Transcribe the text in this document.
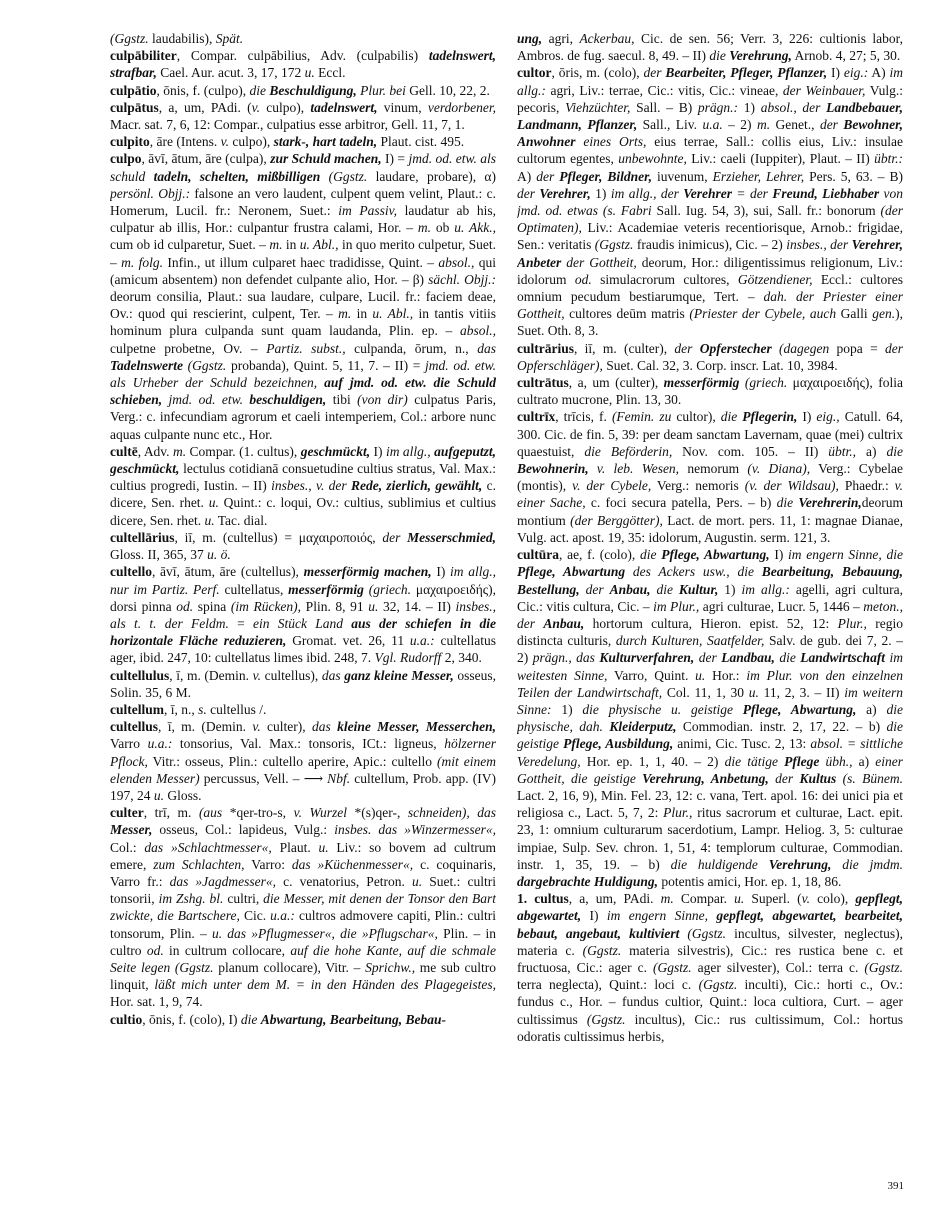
(Ggstz. laudabilis), Spät.

culpābiliter, Compar. culpābilius, Adv. (culpabilis) tadelnswert, strafbar, Cael. Aur. acut. 3, 17, 172 u. Eccl.

culpātio, ōnis, f. (culpo), die Beschuldigung, Plur. bei Gell. 10, 22, 2.

culpātus, a, um, PAdi. (v. culpo), tadelnswert, vinum, verdorbener, Macr. sat. 7, 6, 12: Compar., culpatius esse arbitror, Gell. 11, 7, 1.

culpito, āre (Intens. v. culpo), stark-, hart tadeln, Plaut. cist. 495.

culpo, āvī, ātum, āre (culpa), zur Schuld machen, I) = jmd. od. etw. als schuld tadeln, schelten, mißbilligen (Ggstz. laudare, probare), α) persönl. Objj.: falsone an vero laudent, culpent quem velint, Plaut.: c. Homerum, Lucil. fr.: Neronem, Suet.: im Passiv, laudatur ab his, culpatur ab illis, Hor.: culpantur frustra calami, Hor. – m. ob u. Akk., cum ob id culparetur, Suet. – m. in u. Abl., in quo merito culpetur, Suet. – m. folg. Infin., ut illum culparet haec tradidisse, Quint. – absol., qui (amicum absentem) non defendet culpante alio, Hor. – β) sächl. Objj.: deorum consilia, Plaut.: sua laudare, culpare, Lucil. fr.: faciem deae, Ov.: quod qui rescierint, culpent, Ter. – m. in u. Abl., in tantis vitiis hominum plura culpanda sunt quam laudanda, Plin. ep. – absol., culpetne probetne, Ov. – Partiz. subst., culpanda, ōrum, n., das Tadelnswerte (Ggstz. probanda), Quint. 5, 11, 7. – II) = jmd. od. etw. als Urheber der Schuld bezeichnen, auf jmd. od. etw. die Schuld schieben, jmd. od. etw. beschuldigen, tibi (von dir) culpatus Paris, Verg.: c. infecundiam agrorum et caeli intemperiem, Col.: arbore nunc aquas culpante nunc etc., Hor.

cultē, Adv. m. Compar. (1. cultus), geschmückt, I) im allg., aufgeputzt, geschmückt, lectulus cotidianā consuetudine cultius stratus, Val. Max.: cultius progredi, Iustin. – II) insbes., v. der Rede, zierlich, gewählt, c. dicere, Sen. rhet. u. Quint.: c. loqui, Ov.: cultius, sublimius et cultius dicere, Sen. rhet. u. Tac. dial.

cultellārius, iī, m. (cultellus) = μαχαιροποιός, der Messerschmied, Gloss. II, 365, 37 u. ö.

cultello, āvī, ātum, āre (cultellus), messerförmig machen, I) im allg., nur im Partiz. Perf. cultellatus, messerförmig (griech. μαχαιροειδής), dorsi pinna od. spina (im Rücken), Plin. 8, 91 u. 32, 14. – II) insbes., als t. t. der Feldm. = ein Stück Land aus der schiefen in die horizontale Fläche reduzieren, Gromat. vet. 26, 11 u.a.: cultellatus ager, ibid. 247, 10: cultellatus limes ibid. 248, 7. Vgl. Rudorff 2, 340.

cultellulus, ī, m. (Demin. v. cultellus), das ganz kleine Messer, osseus, Solin. 35, 6 M.

cultellum, ī, n., s. cultellus /.

cultellus, ī, m. (Demin. v. culter), das kleine Messer, Messerchen, Varro u.a.: tonsorius, Val. Max.: tonsoris, ICt.: ligneus, hölzerner Pflock, Vitr.: osseus, Plin.: cultello aperire, Apic.: cultello (mit einem elenden Messer) percussus, Vell. – ⟶ Nbf. cultellum, Prob. app. (IV) 197, 24 u. Gloss.

culter, trī, m. (aus *qer-tro-s, v. Wurzel *(s)qer-, schneiden), das Messer, osseus, Col.: lapideus, Vulg.: insbes. das »Winzermesser«, Col.: das »Schlachtmesser«, Plaut. u. Liv.: so bovem ad cultrum emere, zum Schlachten, Varro: das »Küchenmesser«, c. coquinaris, Varro fr.: das »Jagdmesser«, c. venatorius, Petron. u. Suet.: cultri tonsorii, im Zshg. bl. cultri, die Messer, mit denen der Tonsor den Bart zwickte, die Bartschere, Cic. u.a.: cultros admovere capiti, Plin.: cultri tonsorum, Plin. – u. das »Pflugmesser«, die »Pflugschar«, Plin. – in cultro od. in cultrum collocare, auf die hohe Kante, auf die schmale Seite legen (Ggstz. planum collocare), Vitr. – Sprichw., me sub cultro linquit, läßt mich unter dem M. = in den Händen des Plagegeistes, Hor. sat. 1, 9, 74.

cultio, ōnis, f. (colo), I) die Abwartung, Bearbeitung, Bebau-

ung, agri, Ackerbau, Cic. de sen. 56; Verr. 3, 226: cultionis labor, Ambros. de fug. saecul. 8, 49. – II) die Verehrung, Arnob. 4, 27; 5, 30.

cultor, ōris, m. (colo), der Bearbeiter, Pfleger, Pflanzer, I) eig.: A) im allg.: agri, Liv.: terrae, Cic.: vitis, Cic.: vineae, der Weinbauer, Vulg.: pecoris, Viehzüchter, Sall. – B) prägn.: 1) absol., der Landbebauer, Landmann, Pflanzer, Sall., Liv. u.a. – 2) m. Genet., der Bewohner, Anwohner eines Orts, eius terrae, Sall.: collis eius, Liv.: insulae cultorum egentes, unbewohnte, Liv.: caeli (Iuppiter), Plaut. – II) übtr.: A) der Pfleger, Bildner, iuvenum, Erzieher, Lehrer, Pers. 5, 63. – B) der Verehrer, 1) im allg., der Verehrer = der Freund, Liebhaber von jmd. od. etwas (s. Fabri Sall. Iug. 54, 3), sui, Sall. fr.: bonorum (der Optimaten), Liv.: Academiae veteris recentiorisque, Arnob.: frigidae, Sen.: veritatis (Ggstz. fraudis inimicus), Cic. – 2) insbes., der Verehrer, Anbeter der Gottheit, deorum, Hor.: diligentissimus religionum, Liv.: idolorum od. simulacrorum cultores, Götzendiener, Eccl.: cultores omnium pecudum bestiarumque, Tert. – dah. der Priester einer Gottheit, cultores deūm matris (Priester der Cybele, auch Galli gen.), Suet. Oth. 8, 3.

cultrārius, iī, m. (culter), der Opferstecher (dagegen popa = der Opferschläger), Suet. Cal. 32, 3. Corp. inscr. Lat. 10, 3984.

cultrātus, a, um (culter), messerförmig (griech. μαχαιροειδής), folia cultrato mucrone, Plin. 13, 30.

cultrīx, trīcis, f. (Femin. zu cultor), die Pflegerin, I) eig., Catull. 64, 300. Cic. de fin. 5, 39: per deam sanctam Lavernam, quae (mei) cultrix quaestuist, die Beförderin, Nov. com. 105. – II) übtr., a) die Bewohnerin, v. leb. Wesen, nemorum (v. Diana), Verg.: Cybelae (montis), v. der Cybele, Verg.: nemoris (v. der Wildsau), Phaedr.: v. einer Sache, c. foci secura patella, Pers. – b) die Verehrerin,deorum montium (der Berggötter), Lact. de mort. pers. 11, 1: magnae Dianae, Vulg. act. apost. 19, 35: idolorum, Augustin. serm. 121, 3.

cultūra, ae, f. (colo), die Pflege, Abwartung, I) im engern Sinne, die Pflege, Abwartung des Ackers usw., die Bearbeitung, Bebauung, Bestellung, der Anbau, die Kultur, 1) im allg.: agelli, agri cultura, Cic.: vitis cultura, Cic. – im Plur., agri culturae, Lucr. 5, 1446 – meton., der Anbau, hortorum cultura, Hieron. epist. 52, 12: Plur., regio distincta culturis, durch Kulturen, Saatfelder, Salv. de gub. dei 7, 2. – 2) prägn., das Kulturverfahren, der Landbau, die Landwirtschaft im weitesten Sinne, Varro, Quint. u. Hor.: im Plur. von den einzelnen Teilen der Landwirtschaft, Col. 11, 1, 30 u. 11, 2, 3. – II) im weitern Sinne: 1) die physische u. geistige Pflege, Abwartung, a) die physische, dah. Kleiderputz, Commodian. instr. 2, 17, 22. – b) die geistige Pflege, Ausbildung, animi, Cic. Tusc. 2, 13: absol. = sittliche Veredelung, Hor. ep. 1, 1, 40. – 2) die tätige Pflege übh., a) einer Gottheit, die geistige Verehrung, Anbetung, der Kultus (s. Bünem. Lact. 2, 16, 9), Min. Fel. 23, 12: c. vana, Tert. apol. 16: dei unici pia et religiosa c., Lact. 5, 7, 2: Plur., ritus sacrorum et culturae, Lact. epit. 23, 1: omnium culturarum sacerdotium, Lampr. Heliog. 3, 5: culturae impiae, Sulp. Sev. chron. 1, 51, 4: templorum culturae, Commodian. instr. 1, 35, 19. – b) die huldigende Verehrung, die jmdm. dargebrachte Huldigung, potentis amici, Hor. ep. 1, 18, 86.

1. cultus, a, um, PAdi. m. Compar. u. Superl. (v. colo), gepflegt, abgewartet, I) im engern Sinne, gepflegt, abgewartet, bearbeitet, bebaut, angebaut, kultiviert (Ggstz. incultus, silvester, neglectus), materia c. (Ggstz. materia silvestris), Cic.: res rustica bene c. et fructuosa, Cic.: ager c. (Ggstz. ager silvester), Col.: terra c. (Ggstz. terra neglecta), Quint.: loci c. (Ggstz. inculti), Cic.: horti c., Ov.: fundus c., Hor. – fundus cultior, Quint.: loca cultiora, Curt. – ager cultissimus (Ggstz. incultus), Cic.: rus cultissimum, Col.: hortus odoratis cultissimus herbis,

391
